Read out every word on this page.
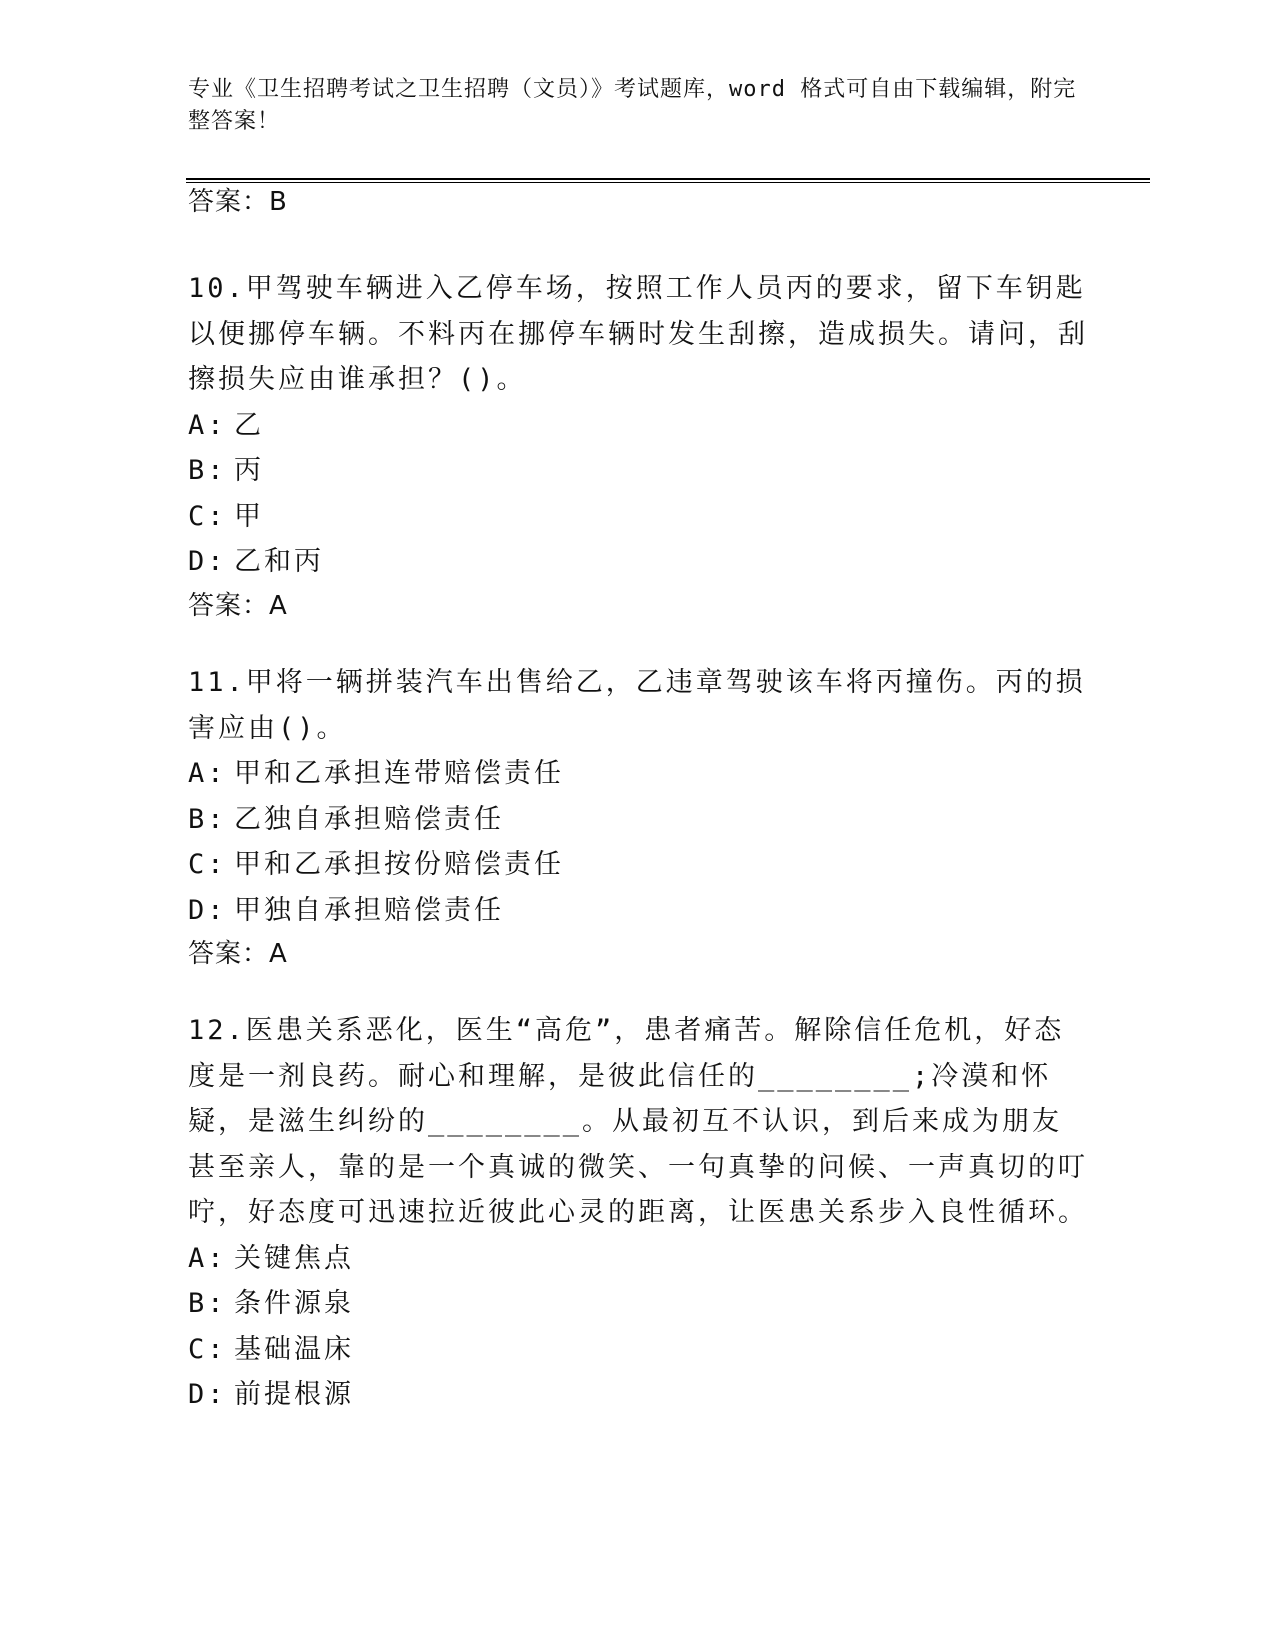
专业《卫生招聘考试之卫生招聘（文员）》考试题库，word 格式可自由下载编辑，附完整答案！
答案：B

10.甲驾驶车辆进入乙停车场，按照工作人员丙的要求，留下车钥匙以便挪停车辆。不料丙在挪停车辆时发生刮擦，造成损失。请问，刮擦损失应由谁承担？()。

A: 乙
B: 丙
C: 甲
D: 乙和丙
答案：A

11.甲将一辆拼装汽车出售给乙，乙违章驾驶该车将丙撞伤。丙的损害应由()。

A: 甲和乙承担连带赔偿责任
B: 乙独自承担赔偿责任
C: 甲和乙承担按份赔偿责任
D: 甲独自承担赔偿责任
答案：A

12.医患关系恶化，医生“高危”，患者痛苦。解除信任危机，好态度是一剂良药。耐心和理解，是彼此信任的________;冷漠和怀疑，是滋生纠纷的________。从最初互不认识，到后来成为朋友甚至亲人，靠的是一个真诚的微笑、一句真挚的问候、一声真切的叮咛，好态度可迅速拉近彼此心灵的距离，让医患关系步入良性循环。

A: 关键焦点
B: 条件源泉
C: 基础温床
D: 前提根源
